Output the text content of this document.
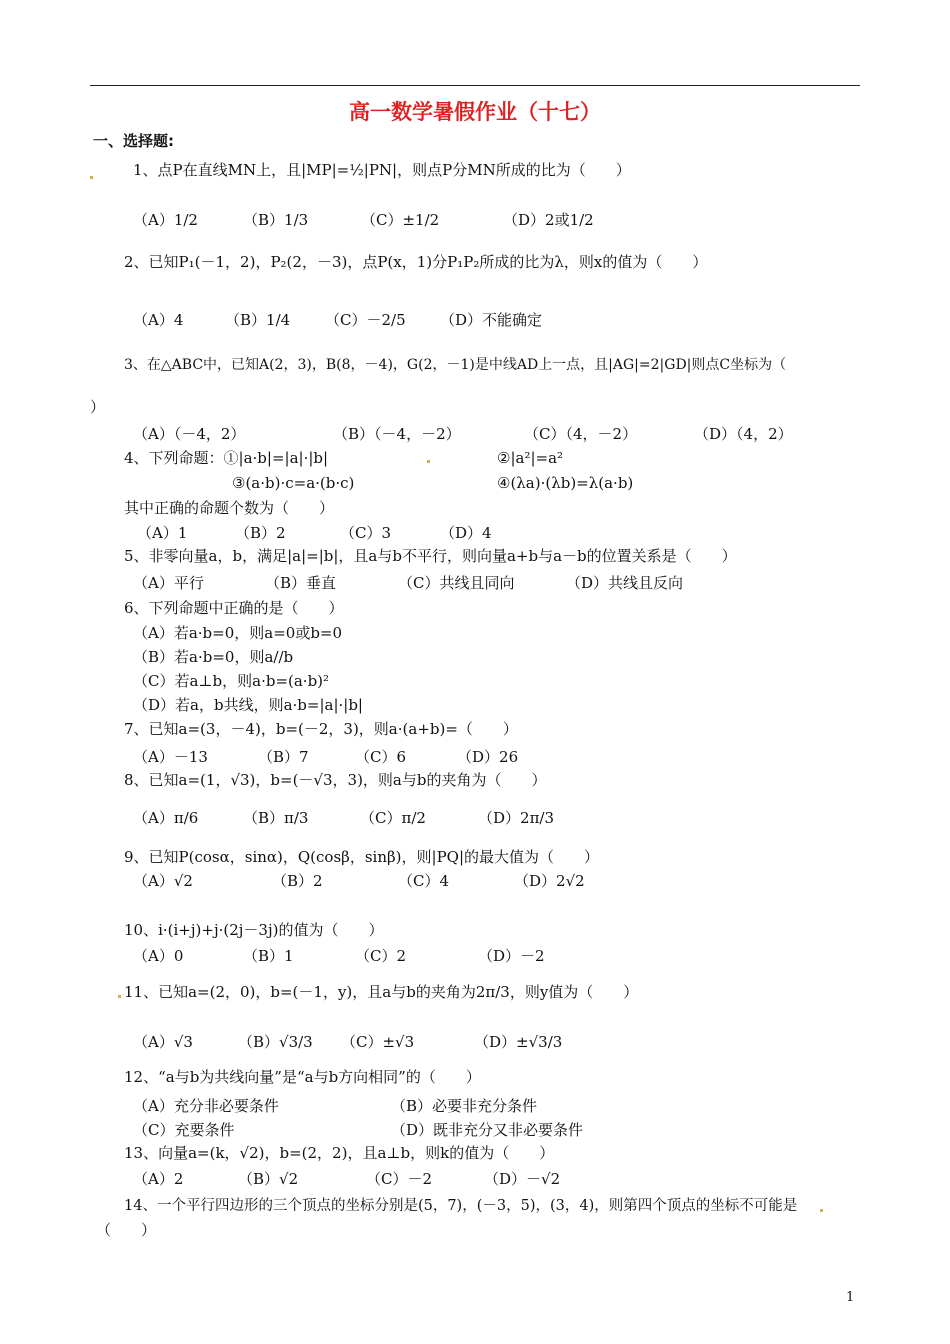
高一数学暑假作业（十七）
一、选择题:
1、点P在直线MN上，且|MP|=½|PN|，则点P分MN所成的比为（　　）
（A）1/2	（B）1/3	（C）±1/2	（D）2或1/2
2、已知P₁(－1，2)，P₂(2，－3)，点P(x，1)分P₁P₂所成的比为λ，则x的值为（　　）
（A）4	（B）1/4 （C）－2/5 （D）不能确定
3、在△ABC中，已知A(2，3)，B(8，－4)，G(2，－1)是中线AD上一点，且|AG|=2|GD|则点C坐标为（
）
（A）（－4，2）	（B）（－4，－2）	（C）（4，－2）	（D）（4，2）
4、下列命题：①|a·b|=|a|·|b|	②|a²|=a²
③(a·b)·c=a·(b·c)	④(λa)·(λb)=λ(a·b)
其中正确的命题个数为（　　）
（A）1	（B）2	（C）3	（D）4
5、非零向量a，b，满足|a|=|b|，且a与b不平行，则向量a+b与a－b的位置关系是（　　）
（A）平行	（B）垂直	（C）共线且同向	（D）共线且反向
6、下列命题中正确的是（　　）
（A）若a·b=0，则a=0或b=0
（B）若a·b=0，则a//b
（C）若a⊥b，则a·b=(a·b)²
（D）若a，b共线，则a·b=|a|·|b|
7、已知a=(3，－4)，b=(－2，3)，则a·(a+b)=（　　）
（A）－13	（B）7	（C）6	（D）26
8、已知a=(1，√3)，b=(－√3，3)，则a与b的夹角为（　　）
（A）π/6	（B）π/3	（C）π/2	（D）2π/3
9、已知P(cosα，sinα)，Q(cosβ，sinβ)，则|PQ|的最大值为（　　）
（A）√2	（B）2	（C）4	（D）2√2
10、i·(i+j)+j·(2j－3j)的值为（　　）
（A）0	（B）1	（C）2	（D）－2
11、已知a=(2，0)，b=(－1，y)，且a与b的夹角为2π/3，则y值为（　　）
（A）√3	（B）√3/3 （C）±√3	（D）±√3/3
12、“a与b为共线向量”是“a与b方向相同”的（　　）
（A）充分非必要条件	（B）必要非充分条件
（C）充要条件	（D）既非充分又非必要条件
13、向量a=(k，√2)，b=(2，2)，且a⊥b，则k的值为（　　）
（A）2	（B）√2	（C）－2	（D）－√2
14、一个平行四边形的三个顶点的坐标分别是(5，7)，(－3，5)，(3，4)，则第四个顶点的坐标不可能是
（　　）
1
